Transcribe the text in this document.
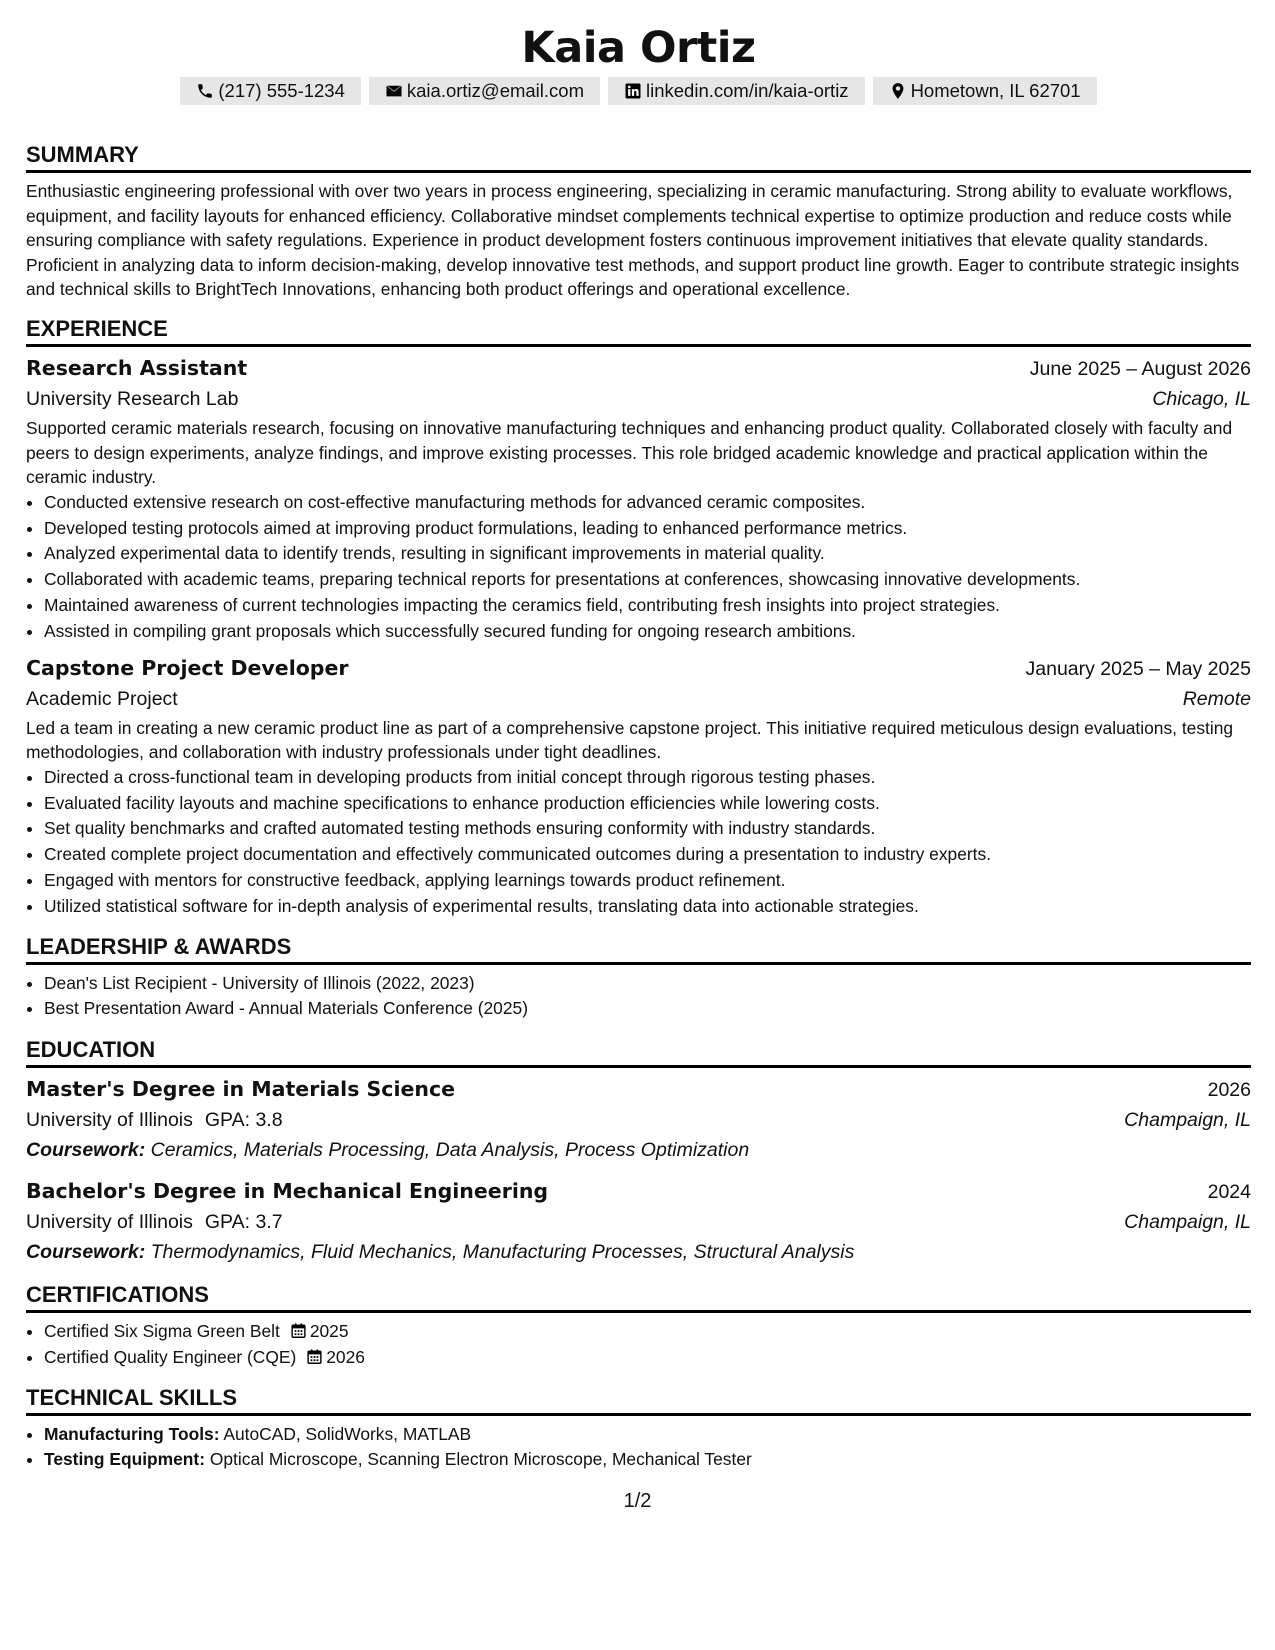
Kaia Ortiz
(217) 555-1234	kaia.ortiz@email.com	linkedin.com/in/kaia-ortiz	Hometown, IL 62701
SUMMARY
Enthusiastic engineering professional with over two years in process engineering, specializing in ceramic manufacturing. Strong ability to evaluate workflows, equipment, and facility layouts for enhanced efficiency. Collaborative mindset complements technical expertise to optimize production and reduce costs while ensuring compliance with safety regulations. Experience in product development fosters continuous improvement initiatives that elevate quality standards. Proficient in analyzing data to inform decision-making, develop innovative test methods, and support product line growth. Eager to contribute strategic insights and technical skills to BrightTech Innovations, enhancing both product offerings and operational excellence.
EXPERIENCE
Research Assistant	June 2025 – August 2026
University Research Lab	Chicago, IL
Supported ceramic materials research, focusing on innovative manufacturing techniques and enhancing product quality. Collaborated closely with faculty and peers to design experiments, analyze findings, and improve existing processes. This role bridged academic knowledge and practical application within the ceramic industry.
• Conducted extensive research on cost-effective manufacturing methods for advanced ceramic composites.
• Developed testing protocols aimed at improving product formulations, leading to enhanced performance metrics.
• Analyzed experimental data to identify trends, resulting in significant improvements in material quality.
• Collaborated with academic teams, preparing technical reports for presentations at conferences, showcasing innovative developments.
• Maintained awareness of current technologies impacting the ceramics field, contributing fresh insights into project strategies.
• Assisted in compiling grant proposals which successfully secured funding for ongoing research ambitions.
Capstone Project Developer	January 2025 – May 2025
Academic Project	Remote
Led a team in creating a new ceramic product line as part of a comprehensive capstone project. This initiative required meticulous design evaluations, testing methodologies, and collaboration with industry professionals under tight deadlines.
• Directed a cross-functional team in developing products from initial concept through rigorous testing phases.
• Evaluated facility layouts and machine specifications to enhance production efficiencies while lowering costs.
• Set quality benchmarks and crafted automated testing methods ensuring conformity with industry standards.
• Created complete project documentation and effectively communicated outcomes during a presentation to industry experts.
• Engaged with mentors for constructive feedback, applying learnings towards product refinement.
• Utilized statistical software for in-depth analysis of experimental results, translating data into actionable strategies.
LEADERSHIP & AWARDS
• Dean's List Recipient - University of Illinois (2022, 2023)
• Best Presentation Award - Annual Materials Conference (2025)
EDUCATION
Master's Degree in Materials Science	2026
University of Illinois GPA: 3.8	Champaign, IL
Coursework: Ceramics, Materials Processing, Data Analysis, Process Optimization
Bachelor's Degree in Mechanical Engineering	2024
University of Illinois GPA: 3.7	Champaign, IL
Coursework: Thermodynamics, Fluid Mechanics, Manufacturing Processes, Structural Analysis
CERTIFICATIONS
• Certified Six Sigma Green Belt 2025
• Certified Quality Engineer (CQE) 2026
TECHNICAL SKILLS
• Manufacturing Tools: AutoCAD, SolidWorks, MATLAB
• Testing Equipment: Optical Microscope, Scanning Electron Microscope, Mechanical Tester
1/2
